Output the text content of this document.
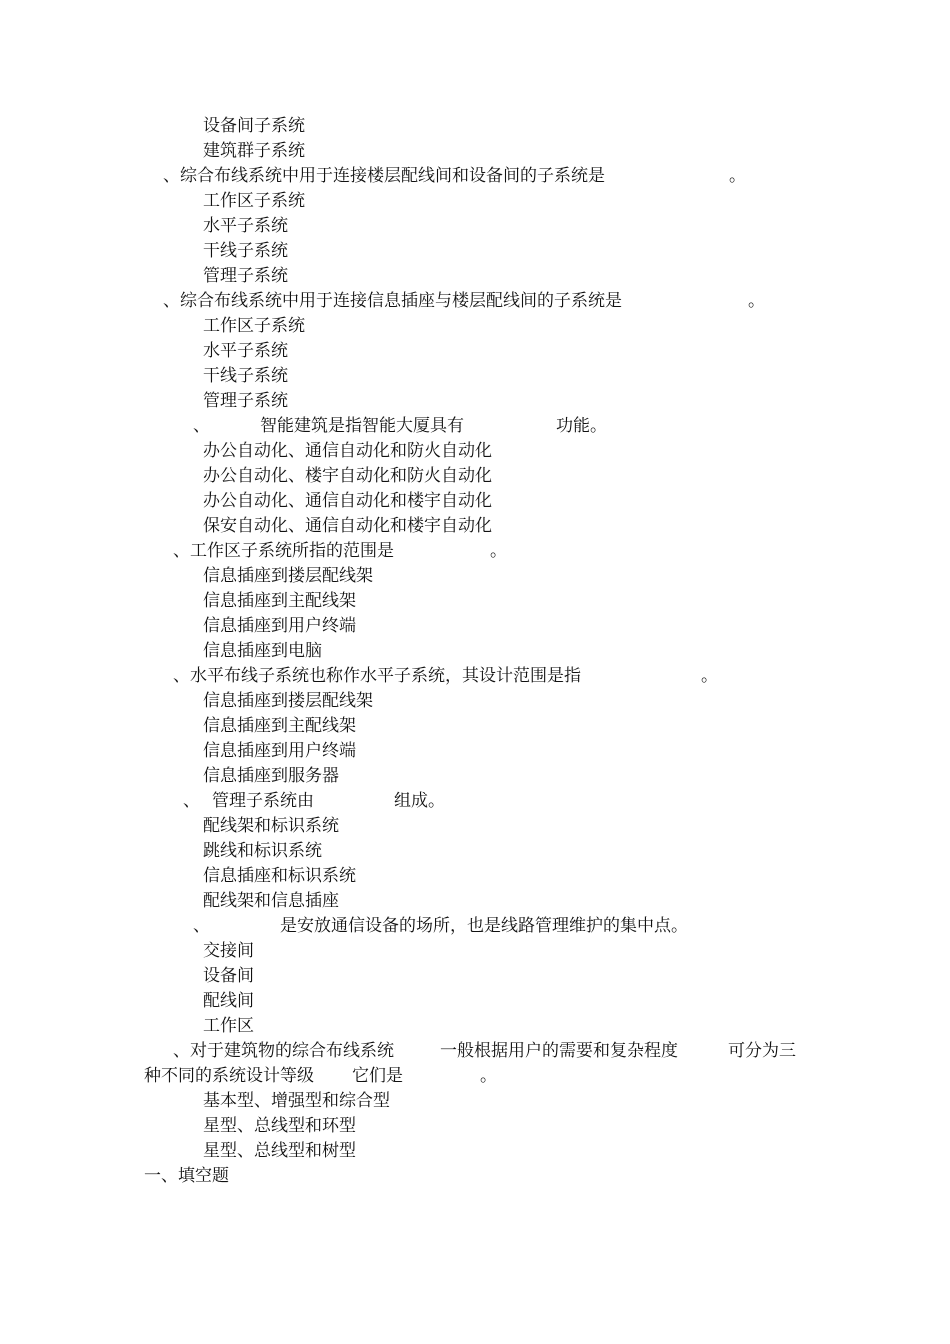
设备间子系统
建筑群子系统
、综合布线系统中用于连接楼层配线间和设备间的子系统是	。
工作区子系统
水平子系统
干线子系统
管理子系统
、综合布线系统中用于连接信息插座与楼层配线间的子系统是	。
工作区子系统
水平子系统
干线子系统
管理子系统
、	智能建筑是指智能大厦具有	功能。
办公自动化、通信自动化和防火自动化
办公自动化、楼宇自动化和防火自动化
办公自动化、通信自动化和楼宇自动化
保安自动化、通信自动化和楼宇自动化
、工作区子系统所指的范围是	。
信息插座到搂层配线架
信息插座到主配线架
信息插座到用户终端
信息插座到电脑
、水平布线子系统也称作水平子系统，其设计范围是指	。
信息插座到搂层配线架
信息插座到主配线架
信息插座到用户终端
信息插座到服务器
、 管理子系统由	组成。
配线架和标识系统
跳线和标识系统
信息插座和标识系统
配线架和信息插座
、	是安放通信设备的场所，也是线路管理维护的集中点。
交接间
设备间
配线间
工作区
、对于建筑物的综合布线系统	一般根据用户的需要和复杂程度	可分为三
种不同的系统设计等级 它们是	。
基本型、增强型和综合型
星型、总线型和环型
星型、总线型和树型
一、填空题
